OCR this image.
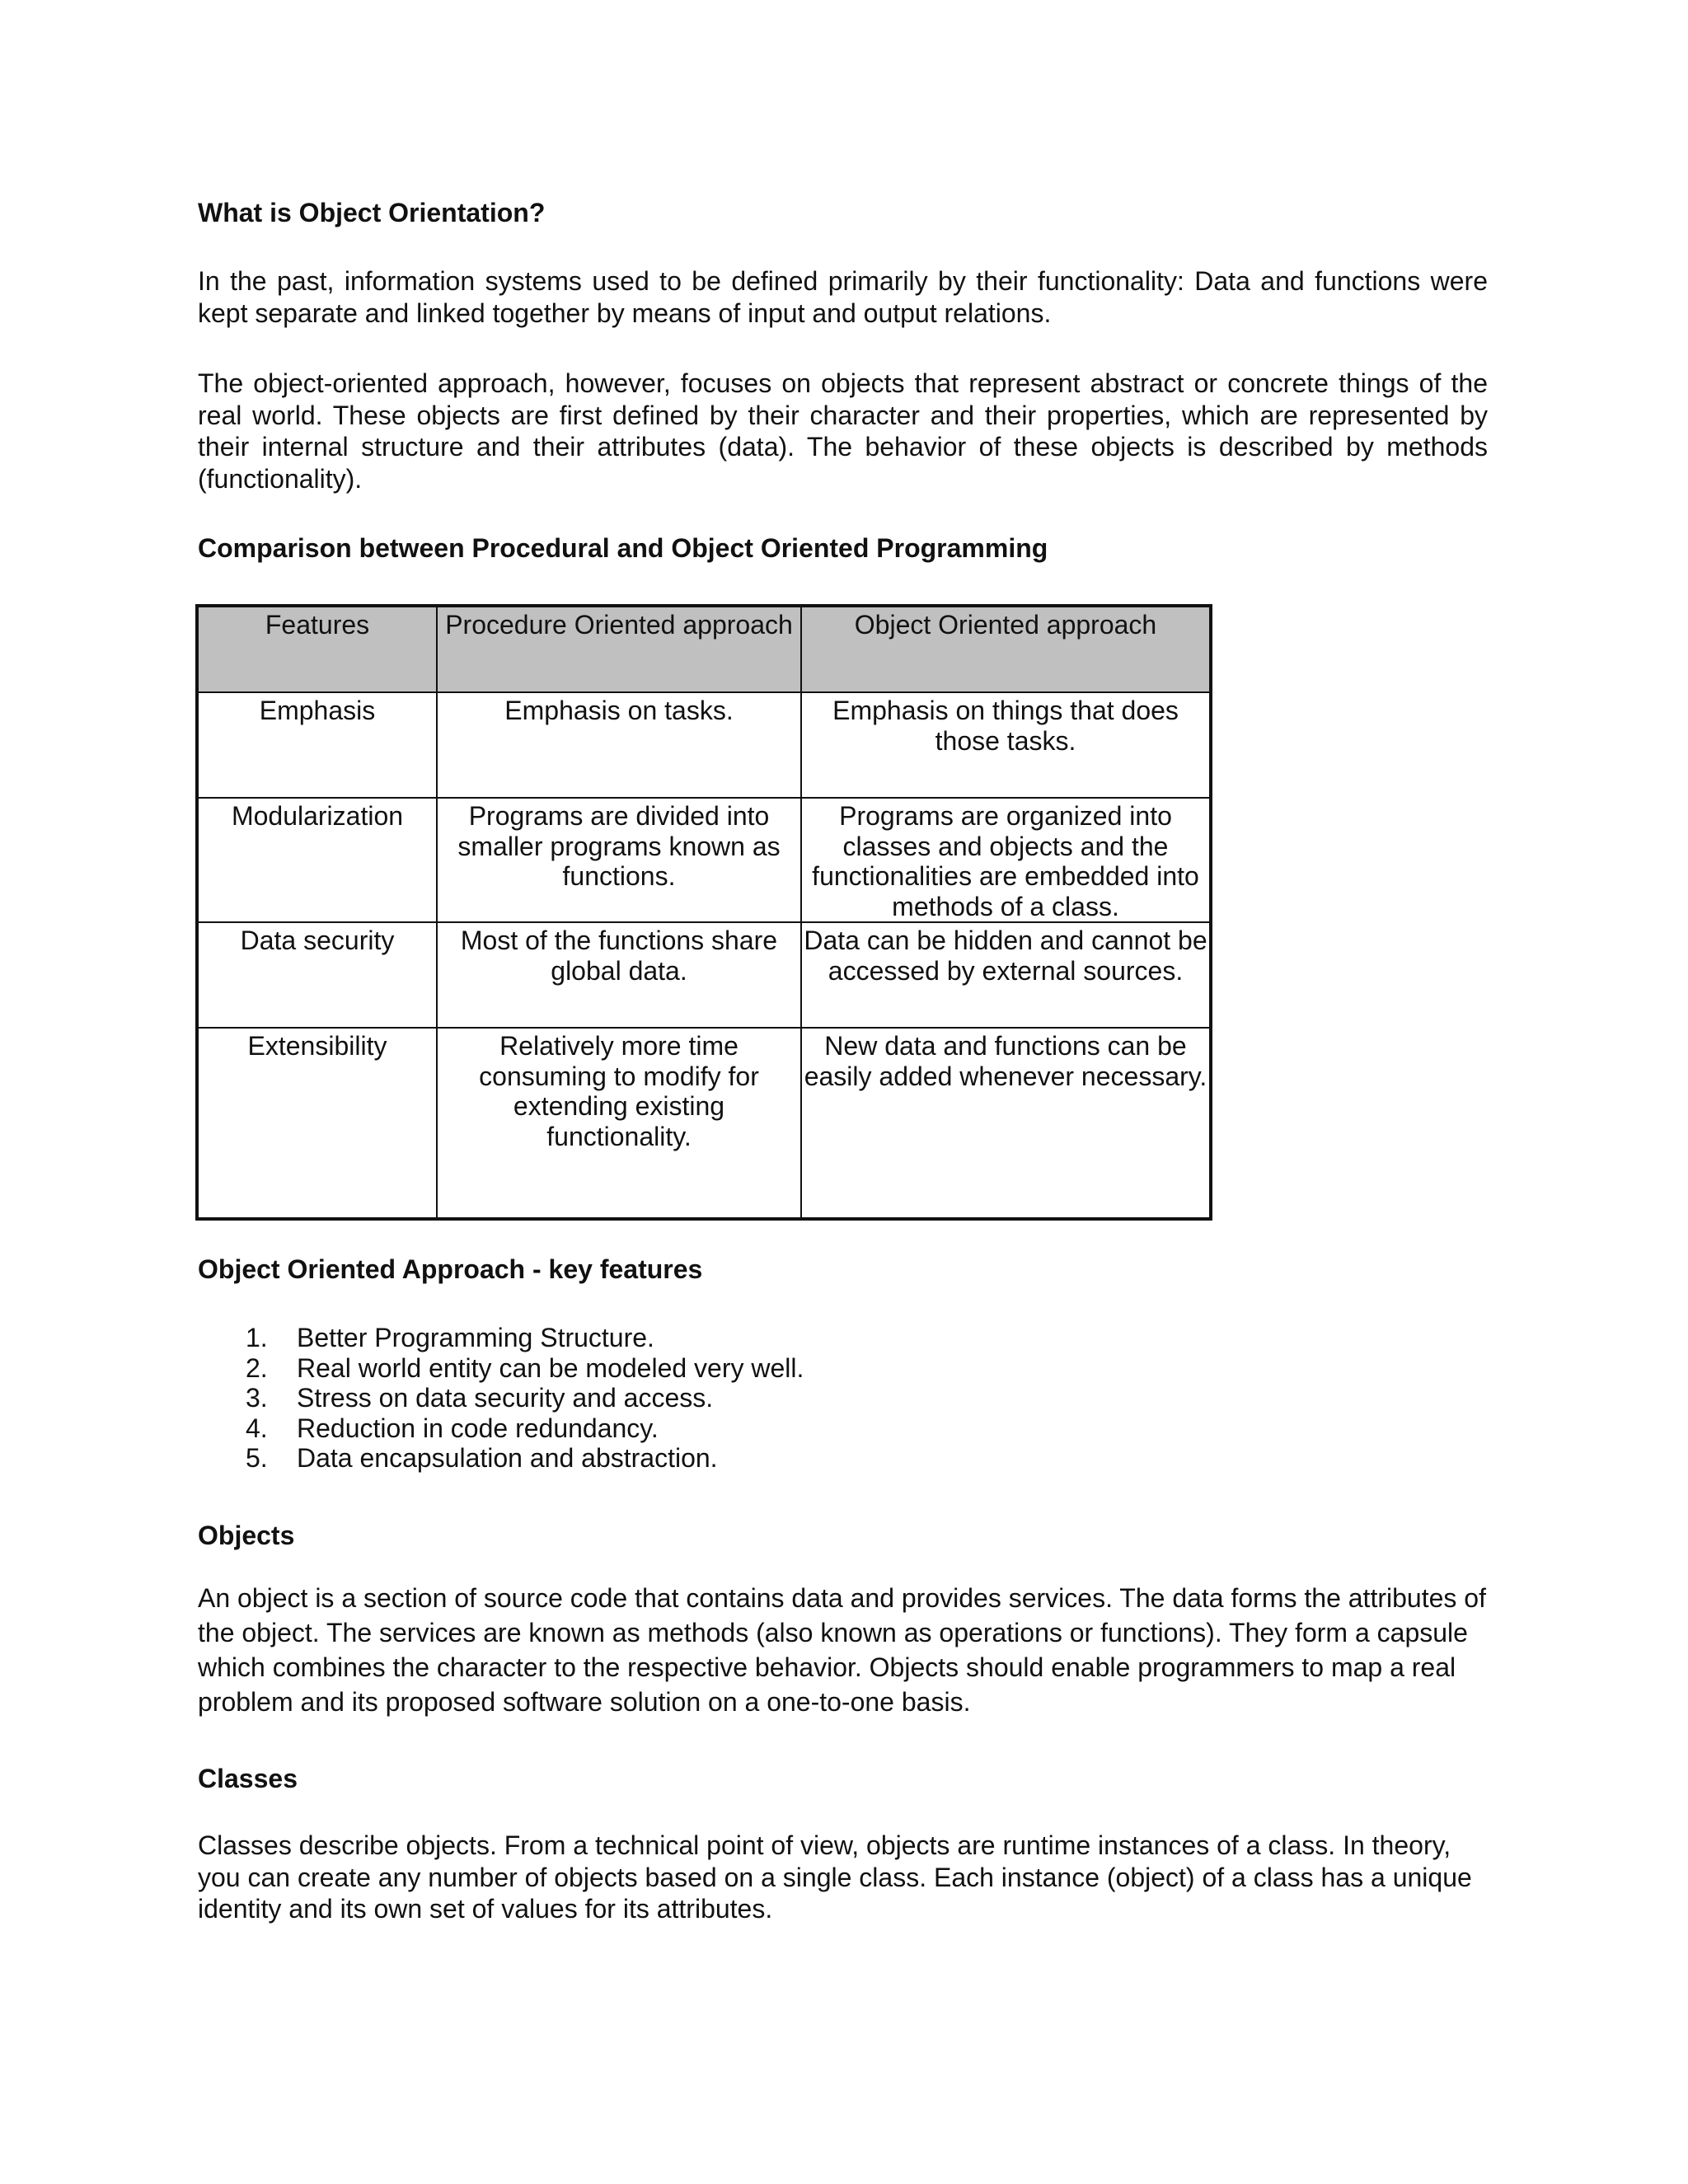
What is Object Orientation?

In the past, information systems used to be defined primarily by their functionality: Data and functions were kept separate and linked together by means of input and output relations.

The object-oriented approach, however, focuses on objects that represent abstract or concrete things of the real world. These objects are first defined by their character and their properties, which are represented by their internal structure and their attributes (data). The behavior of these objects is described by methods (functionality).

Comparison between Procedural and Object Oriented Programming
Features	Procedure Oriented approach	Object Oriented approach
Emphasis	Emphasis on tasks.	Emphasis on things that does those tasks.
Modularization	Programs are divided into smaller programs known as functions.	Programs are organized into classes and objects and the functionalities are embedded into methods of a class.
Data security	Most of the functions share global data.	Data can be hidden and cannot be accessed by external sources.
Extensibility	Relatively more time consuming to modify for extending existing functionality.	New data and functions can be easily added whenever necessary.
Object Oriented Approach - key features
1. Better Programming Structure.
2. Real world entity can be modeled very well.
3. Stress on data security and access.
4. Reduction in code redundancy.
5. Data encapsulation and abstraction.
Objects

An object is a section of source code that contains data and provides services. The data forms the attributes of the object. The services are known as methods (also known as operations or functions). They form a capsule which combines the character to the respective behavior. Objects should enable programmers to map a real problem and its proposed software solution on a one-to-one basis.

Classes

Classes describe objects. From a technical point of view, objects are runtime instances of a class. In theory, you can create any number of objects based on a single class. Each instance (object) of a class has a unique identity and its own set of values for its attributes.
